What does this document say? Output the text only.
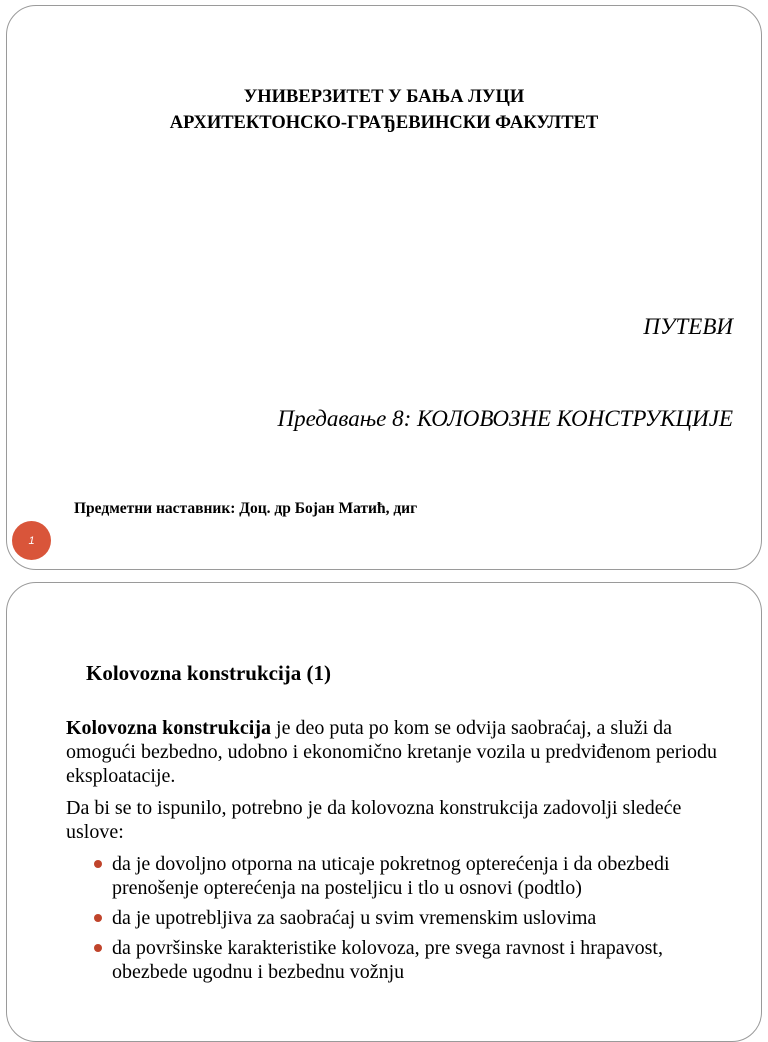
УНИВЕРЗИТЕТ У БАЊА ЛУЦИ
АРХИТЕКТОНСКО-ГРАЂЕВИНСКИ ФАКУЛТЕТ
ПУТЕВИ
Предавање 8: КОЛОВОЗНЕ КОНСТРУКЦИЈЕ
Предметни наставник: Доц. др Бојан Матић, диг
1
Kolovozna konstrukcija (1)

Kolovozna konstrukcija je deo puta po kom se odvija saobraćaj, a služi da omogući bezbedno, udobno i ekonomično kretanje vozila u predviđenom periodu eksploatacije.

Da bi se to ispunilo, potrebno je da kolovozna konstrukcija zadovolji sledeće uslove:

da je dovoljno otporna na uticaje pokretnog opterećenja i da obezbedi prenošenje opterećenja na posteljicu i tlo u osnovi (podtlo)
da je upotrebljiva za saobraćaj u svim vremenskim uslovima
da površinske karakteristike kolovoza, pre svega ravnost i hrapavost, obezbede ugodnu i bezbednu vožnju
